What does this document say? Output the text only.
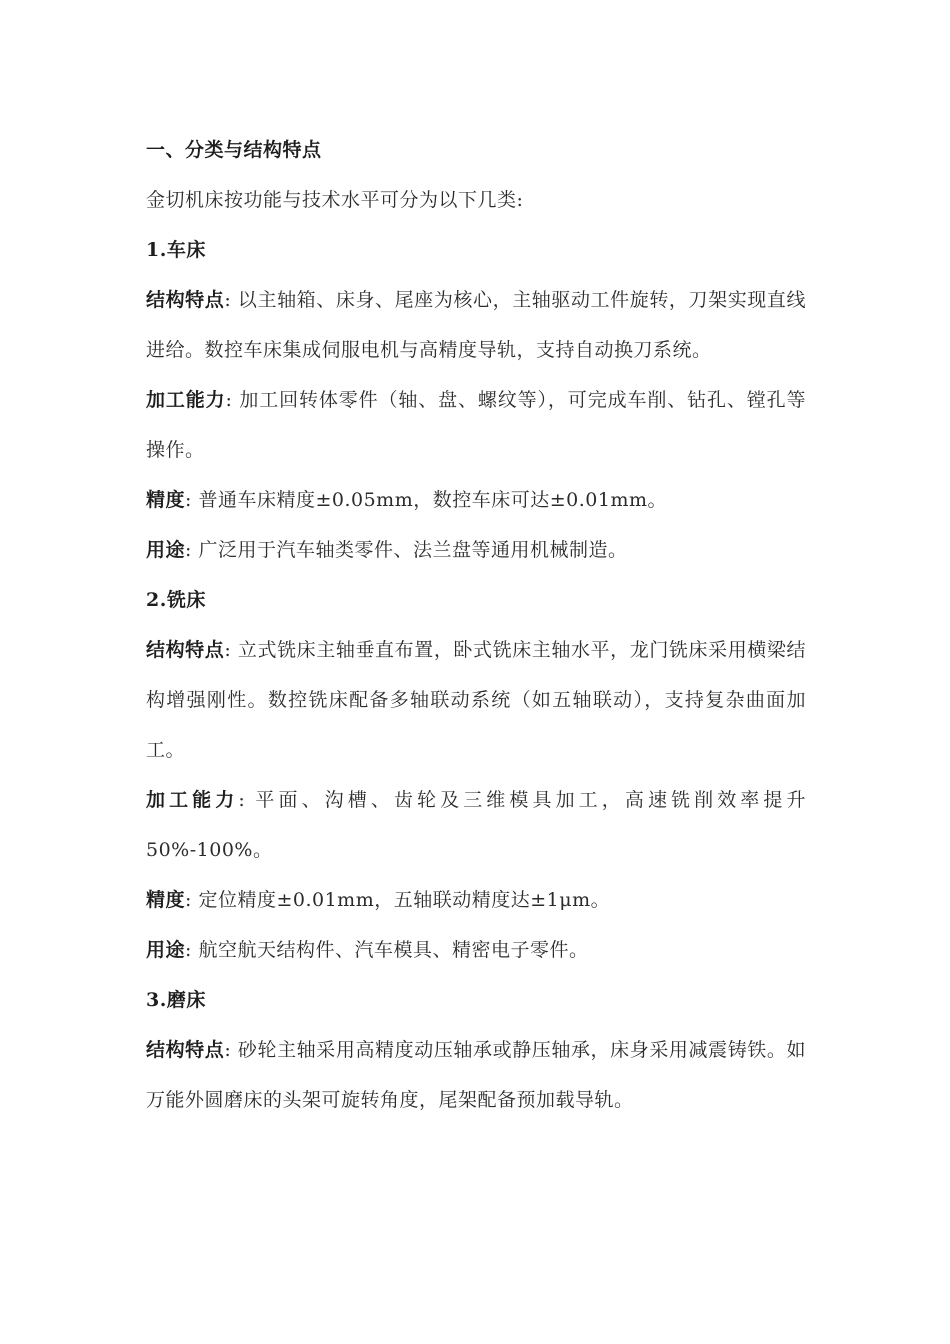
一、分类与结构特点

金切机床按功能与技术水平可分为以下几类:

1.车床

结构特点: 以主轴箱、床身、尾座为核心，主轴驱动工件旋转，刀架实现直线进给。数控车床集成伺服电机与高精度导轨，支持自动换刀系统。

加工能力: 加工回转体零件（轴、盘、螺纹等），可完成车削、钻孔、镗孔等操作。

精度: 普通车床精度±0.05mm，数控车床可达±0.01mm。

用途: 广泛用于汽车轴类零件、法兰盘等通用机械制造。

2.铣床

结构特点: 立式铣床主轴垂直布置，卧式铣床主轴水平，龙门铣床采用横梁结构增强刚性。数控铣床配备多轴联动系统（如五轴联动），支持复杂曲面加工。

加工能力: 平面、沟槽、齿轮及三维模具加工，高速铣削效率提升50%-100%。

精度: 定位精度±0.01mm，五轴联动精度达±1μm。

用途: 航空航天结构件、汽车模具、精密电子零件。

3.磨床

结构特点: 砂轮主轴采用高精度动压轴承或静压轴承，床身采用减震铸铁。如万能外圆磨床的头架可旋转角度，尾架配备预加载导轨。
